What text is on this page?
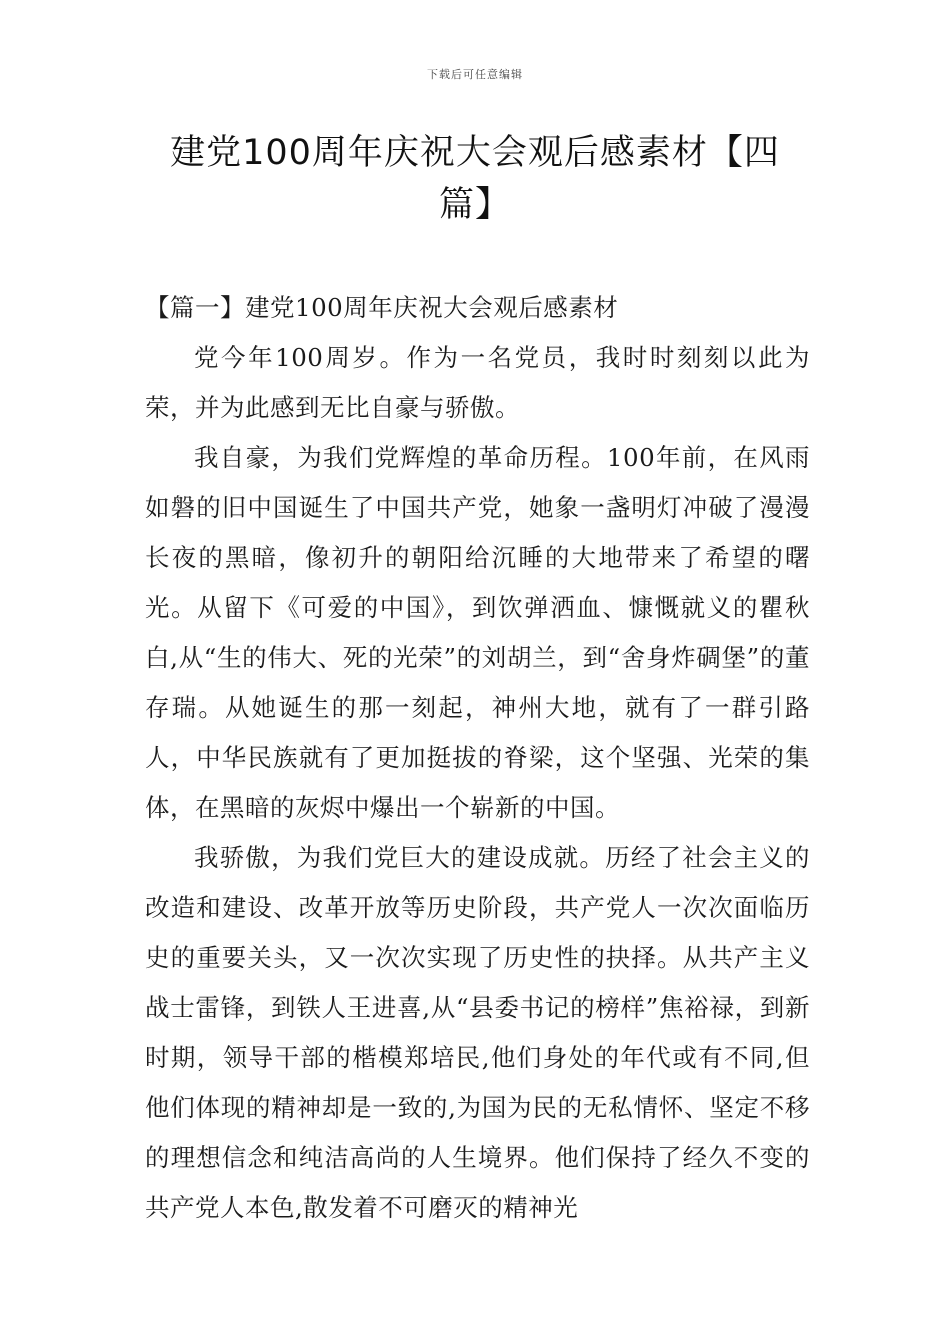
下载后可任意编辑
建党100周年庆祝大会观后感素材【四篇】
【篇一】建党100周年庆祝大会观后感素材

党今年100周岁。作为一名党员，我时时刻刻以此为荣，并为此感到无比自豪与骄傲。

我自豪，为我们党辉煌的革命历程。100年前，在风雨如磐的旧中国诞生了中国共产党，她象一盏明灯冲破了漫漫长夜的黑暗，像初升的朝阳给沉睡的大地带来了希望的曙光。从留下《可爱的中国》，到饮弹洒血、慷慨就义的瞿秋白,从“生的伟大、死的光荣”的刘胡兰，到“舍身炸碉堡”的董存瑞。从她诞生的那一刻起，神州大地，就有了一群引路人，中华民族就有了更加挺拔的脊梁，这个坚强、光荣的集体，在黑暗的灰烬中爆出一个崭新的中国。

我骄傲，为我们党巨大的建设成就。历经了社会主义的改造和建设、改革开放等历史阶段，共产党人一次次面临历史的重要关头，又一次次实现了历史性的抉择。从共产主义战士雷锋，到铁人王进喜,从“县委书记的榜样”焦裕禄，到新时期，领导干部的楷模郑培民,他们身处的年代或有不同,但他们体现的精神却是一致的,为国为民的无私情怀、坚定不移的理想信念和纯洁高尚的人生境界。他们保持了经久不变的共产党人本色,散发着不可磨灭的精神光
